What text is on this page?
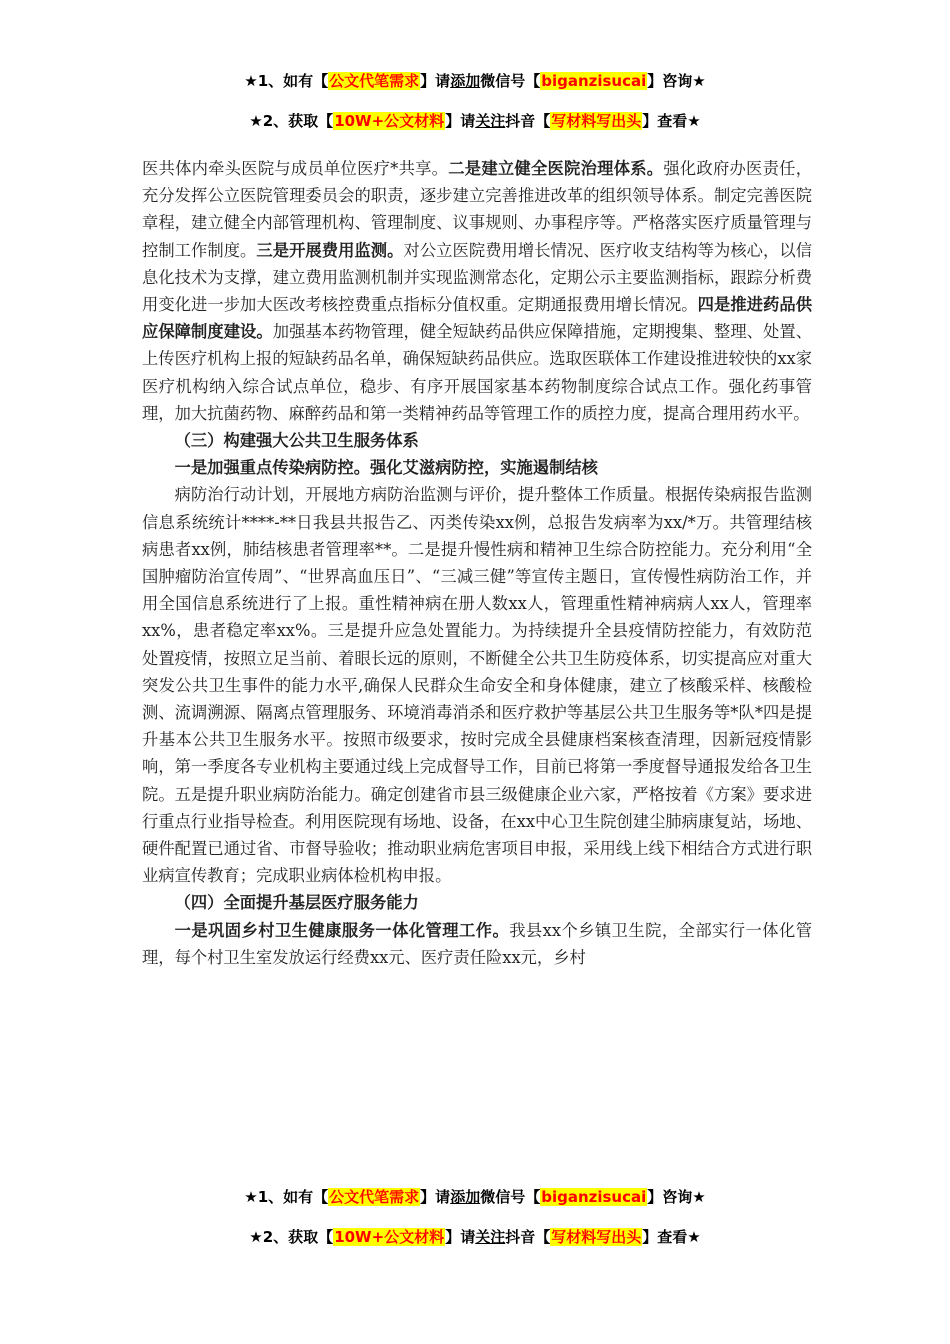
★1、如有【公文代笔需求】请添加微信号【biganzisucai】咨询★
★2、获取【10W+公文材料】请关注抖音【写材料写出头】查看★

医共体内牵头医院与成员单位医疗*共享。二是建立健全医院治理体系。强化政府办医责任，充分发挥公立医院管理委员会的职责，逐步建立完善推进改革的组织领导体系。制定完善医院章程，建立健全内部管理机构、管理制度、议事规则、办事程序等。严格落实医疗质量管理与控制工作制度。三是开展费用监测。对公立医院费用增长情况、医疗收支结构等为核心，以信息化技术为支撑，建立费用监测机制并实现监测常态化，定期公示主要监测指标，跟踪分析费用变化进一步加大医改考核控费重点指标分值权重。定期通报费用增长情况。四是推进药品供应保障制度建设。加强基本药物管理，健全短缺药品供应保障措施，定期搜集、整理、处置、上传医疗机构上报的短缺药品名单，确保短缺药品供应。选取医联体工作建设推进较快的xx家医疗机构纳入综合试点单位，稳步、有序开展国家基本药物制度综合试点工作。强化药事管理，加大抗菌药物、麻醉药品和第一类精神药品等管理工作的质控力度，提高合理用药水平。

（三）构建强大公共卫生服务体系

一是加强重点传染病防控。强化艾滋病防控，实施遏制结核

病防治行动计划，开展地方病防治监测与评价，提升整体工作质量。根据传染病报告监测信息系统统计****-**日我县共报告乙、丙类传染xx例，总报告发病率为xx/*万。共管理结核病患者xx例，肺结核患者管理率**。二是提升慢性病和精神卫生综合防控能力。充分利用“全国肿瘤防治宣传周”、“世界高血压日”、“三减三健”等宣传主题日，宣传慢性病防治工作，并用全国信息系统进行了上报。重性精神病在册人数xx人，管理重性精神病病人xx人，管理率xx%，患者稳定率xx%。三是提升应急处置能力。为持续提升全县疫情防控能力，有效防范处置疫情，按照立足当前、着眼长远的原则，不断健全公共卫生防疫体系，切实提高应对重大突发公共卫生事件的能力水平,确保人民群众生命安全和身体健康，建立了核酸采样、核酸检测、流调溯源、隔离点管理服务、环境消毒消杀和医疗救护等基层公共卫生服务等*队*四是提升基本公共卫生服务水平。按照市级要求，按时完成全县健康档案核查清理，因新冠疫情影响，第一季度各专业机构主要通过线上完成督导工作，目前已将第一季度督导通报发给各卫生院。五是提升职业病防治能力。确定创建省市县三级健康企业六家，严格按着《方案》要求进行重点行业指导检查。利用医院现有场地、设备，在xx中心卫生院创建尘肺病康复站，场地、硬件配置已通过省、市督导验收；推动职业病危害项目申报，采用线上线下相结合方式进行职业病宣传教育；完成职业病体检机构申报。

（四）全面提升基层医疗服务能力

一是巩固乡村卫生健康服务一体化管理工作。我县xx个乡镇卫生院，全部实行一体化管理，每个村卫生室发放运行经费xx元、医疗责任险xx元，乡村

★1、如有【公文代笔需求】请添加微信号【biganzisucai】咨询★
★2、获取【10W+公文材料】请关注抖音【写材料写出头】查看★
